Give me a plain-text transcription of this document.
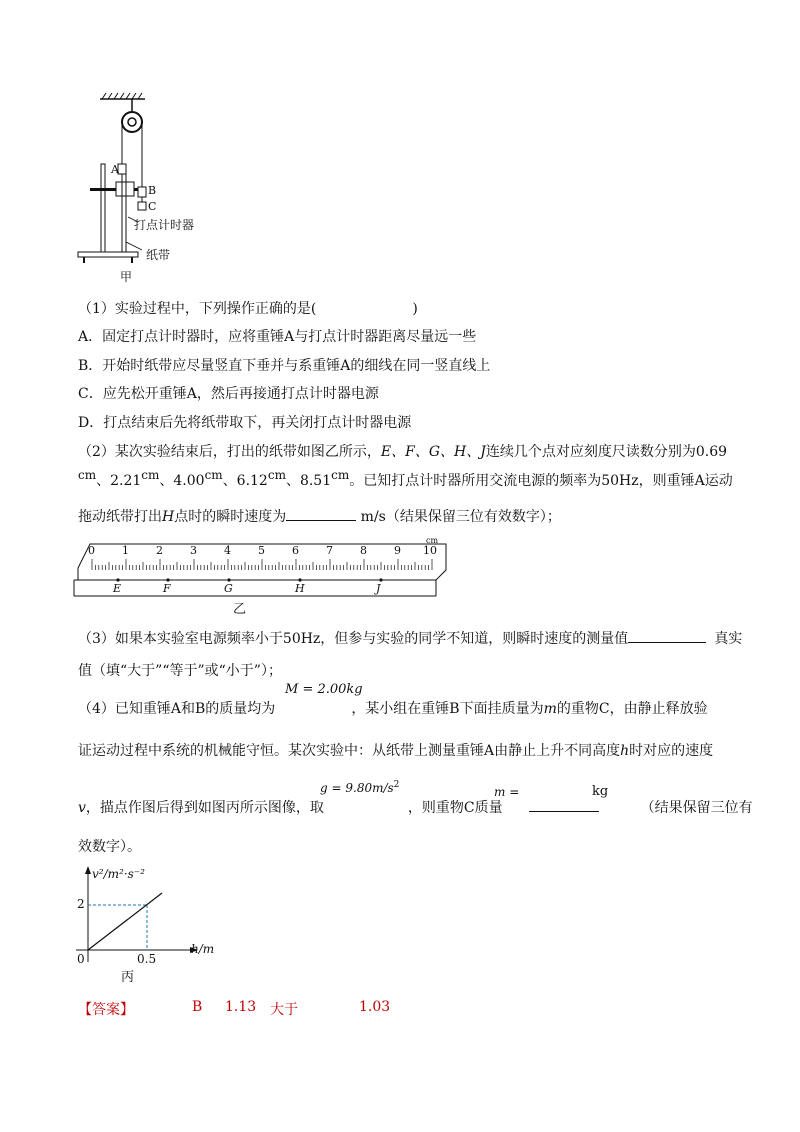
A
B
C
打点计时器
纸带
甲
（1）实验过程中，下列操作正确的是(	)
A．固定打点计时器时，应将重锤A与打点计时器距离尽量远一些
B．开始时纸带应尽量竖直下垂并与系重锤A的细线在同一竖直线上
C．应先松开重锤A，然后再接通打点计时器电源
D．打点结束后先将纸带取下，再关闭打点计时器电源
（2）某次实验结束后，打出的纸带如图乙所示，E、F、G、H、J连续几个点对应刻度尺读数分别为0.69
cm、2.21cm、4.00cm、6.12cm、8.51cm。已知打点计时器所用交流电源的频率为50Hz，则重锤A运动
拖动纸带打出H点时的瞬时速度为	m/s（结果保留三位有效数字）；
0 1 2 3 4 5 6 7 8 9 10
cm
E	F	G	H	J
乙
（3）如果本实验室电源频率小于50Hz，但参与实验的同学不知道，则瞬时速度的测量值	真实
值（填“大于”“等于”或“小于”）；
（4）已知重锤A和B的质量均为	，某小组在重锤B下面挂质量为m的重物C，由静止释放验
M = 2.00kg
证运动过程中系统的机械能守恒。某次实验中：从纸带上测量重锤A由静止上升不同高度h时对应的速度
v，描点作图后得到如图丙所示图像，取	，则重物C质量	（结果保留三位有
$g = 9.80m/s^2$	m =	kg
效数字）。
v²/m²·s⁻²
h/m
0
2
0.5
丙
【答案】	B 1.13 大于	1.03
